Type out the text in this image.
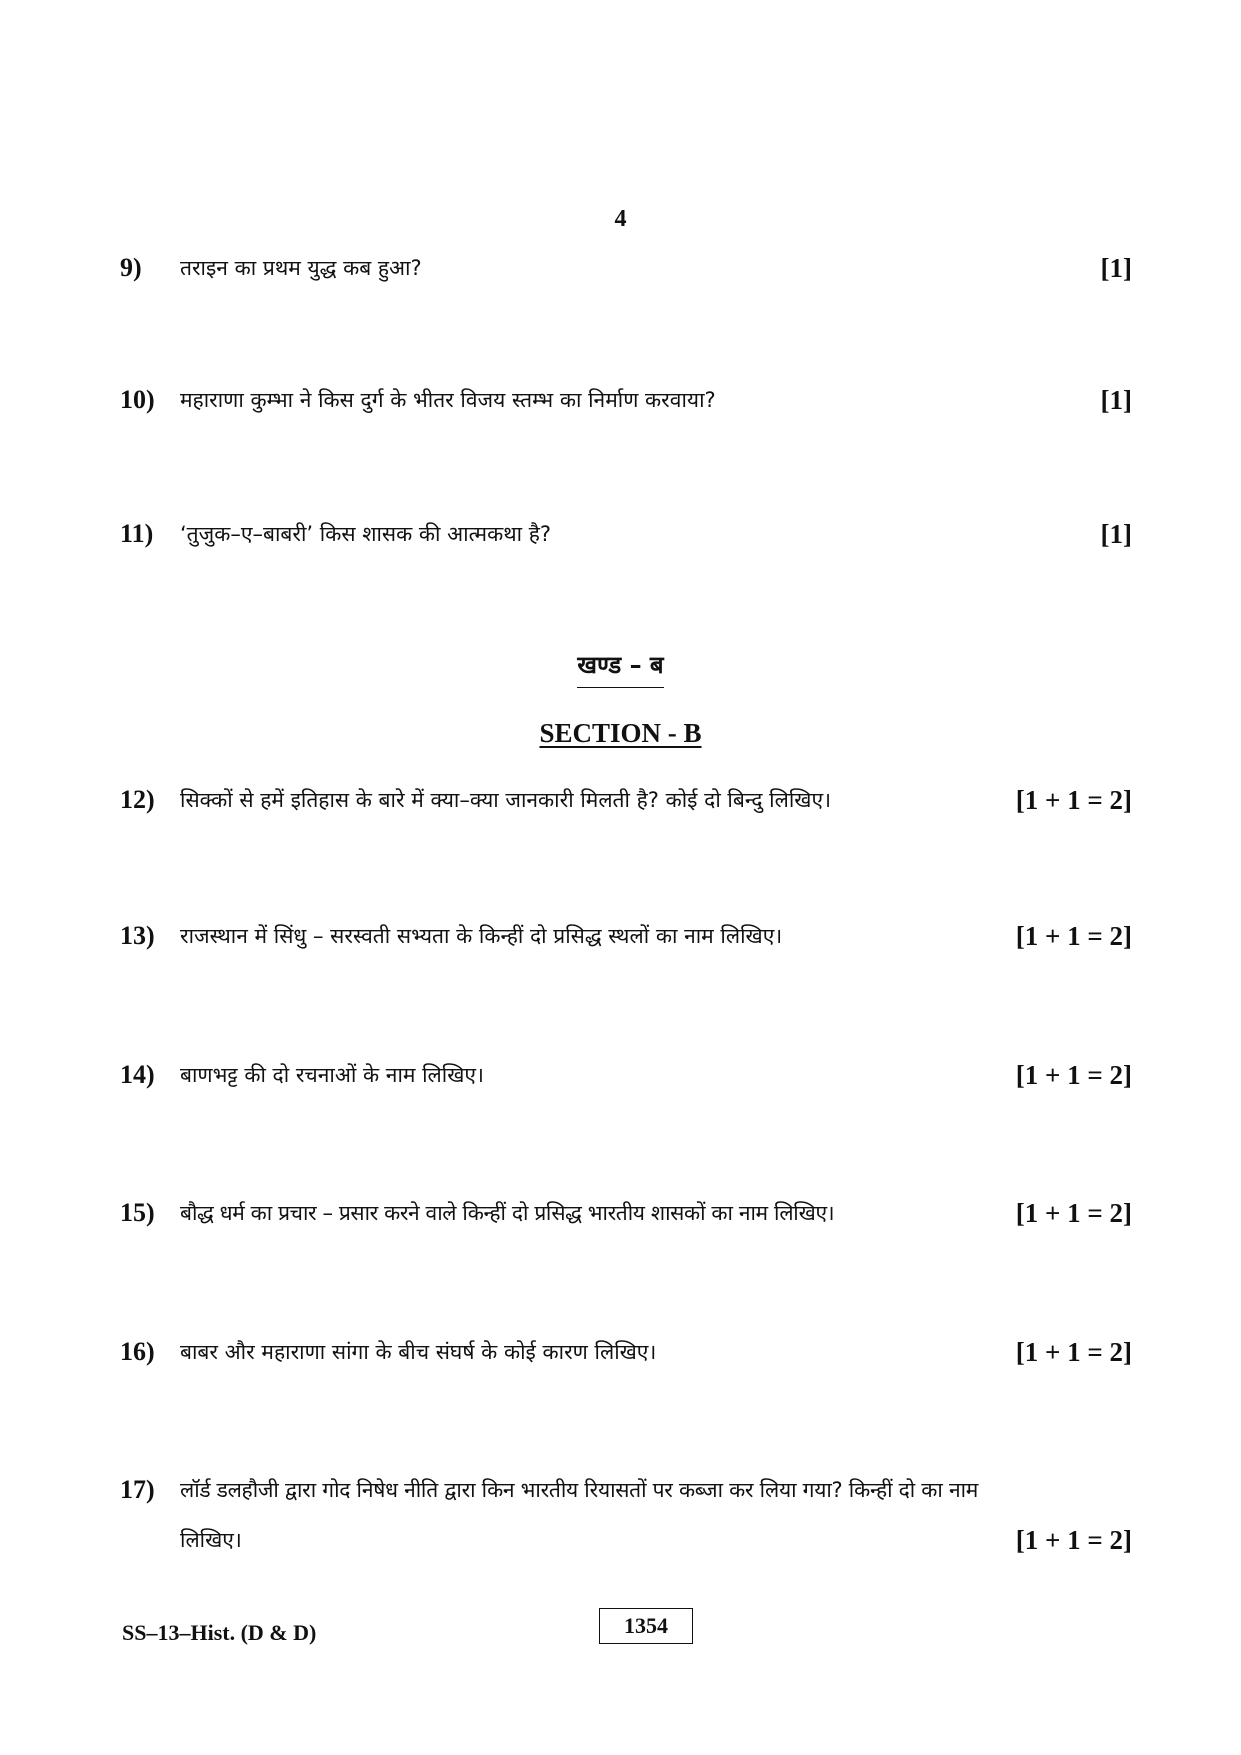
4
9) तराइन का प्रथम युद्ध कब हुआ?	[1]
10) महाराणा कुम्भा ने किस दुर्ग के भीतर विजय स्तम्भ का निर्माण करवाया?	[1]
11) ‘तुजुक–ए–बाबरी’ किस शासक की आत्मकथा है?	[1]
खण्ड – ब
SECTION - B
12) सिक्कों से हमें इतिहास के बारे में क्या–क्या जानकारी मिलती है? कोई दो बिन्दु लिखिए।	[1 + 1 = 2]
13) राजस्थान में सिंधु – सरस्वती सभ्यता के किन्हीं दो प्रसिद्ध स्थलों का नाम लिखिए।	[1 + 1 = 2]
14) बाणभट्ट की दो रचनाओं के नाम लिखिए।	[1 + 1 = 2]
15) बौद्ध धर्म का प्रचार – प्रसार करने वाले किन्हीं दो प्रसिद्ध भारतीय शासकों का नाम लिखिए।	[1 + 1 = 2]
16) बाबर और महाराणा सांगा के बीच संघर्ष के कोई कारण लिखिए।	[1 + 1 = 2]
17) लॉर्ड डलहौजी द्वारा गोद निषेध नीति द्वारा किन भारतीय रियासतों पर कब्जा कर लिया गया? किन्हीं दो का नाम
लिखिए।	[1 + 1 = 2]
SS–13–Hist. (D & D)	1354
